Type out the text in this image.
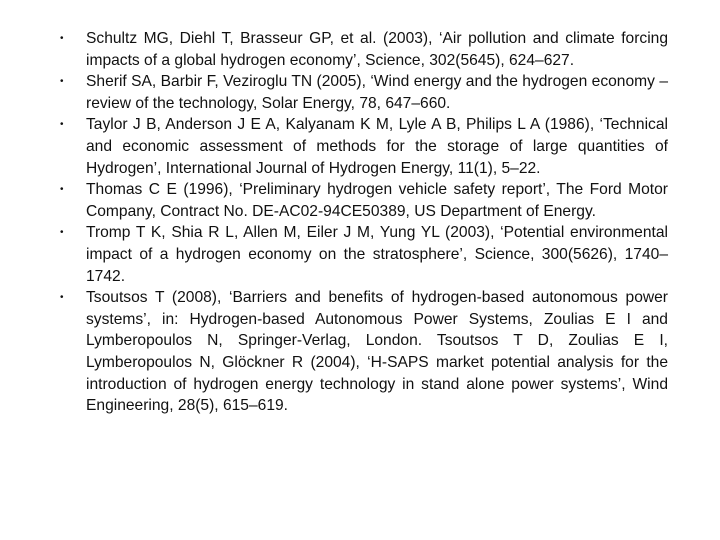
• Schultz MG, Diehl T, Brasseur GP, et al. (2003), ‘Air pollution and climate forcing impacts of a global hydrogen economy’, Science, 302(5645), 624–627.
• Sherif SA, Barbir F, Veziroglu TN (2005), ‘Wind energy and the hydrogen economy – review of the technology, Solar Energy, 78, 647–660.
• Taylor J B, Anderson J E A, Kalyanam K M, Lyle A B, Philips L A (1986), ‘Technical and economic assessment of methods for the storage of large quantities of Hydrogen’, International Journal of Hydrogen Energy, 11(1), 5–22.
• Thomas C E (1996), ‘Preliminary hydrogen vehicle safety report’, The Ford Motor Company, Contract No. DE-AC02-94CE50389, US Department of Energy.
• Tromp T K, Shia R L, Allen M, Eiler J M, Yung YL (2003), ‘Potential environmental impact of a hydrogen economy on the stratosphere’, Science, 300(5626), 1740–1742.
• Tsoutsos T (2008), ‘Barriers and benefits of hydrogen-based autonomous power systems’, in: Hydrogen-based Autonomous Power Systems, Zoulias E I and Lymberopoulos N, Springer-Verlag, London. Tsoutsos T D, Zoulias E I, Lymberopoulos N, Glöckner R (2004), ‘H-SAPS market potential analysis for the introduction of hydrogen energy technology in stand alone power systems’, Wind Engineering, 28(5), 615–619.
